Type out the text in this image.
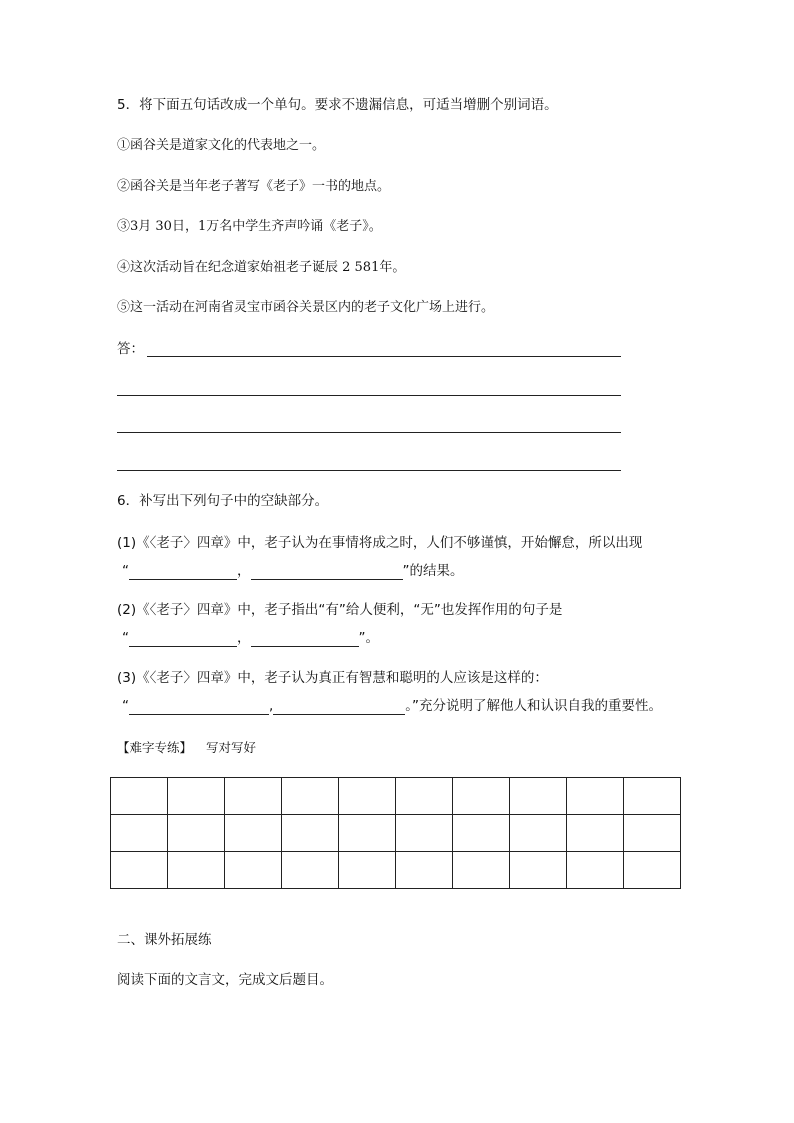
5．将下面五句话改成一个单句。要求不遗漏信息，可适当增删个别词语。
①函谷关是道家文化的代表地之一。
②函谷关是当年老子著写《老子》一书的地点。
③3月 30日，1万名中学生齐声吟诵《老子》。
④这次活动旨在纪念道家始祖老子诞辰 2 581年。
⑤这一活动在河南省灵宝市函谷关景区内的老子文化广场上进行。
答：
6．补写出下列句子中的空缺部分。
(1)《〈老子〉四章》中，老子认为在事情将成之时，人们不够谨慎，开始懈怠，所以出现
“	，	”的结果。
(2)《〈老子〉四章》中，老子指出“有”给人便利，“无”也发挥作用的句子是
“	，	”。
(3)《〈老子〉四章》中，老子认为真正有智慧和聪明的人应该是这样的：
“	,	。”充分说明了解他人和认识自我的重要性。
【难字专练】 写对写好

二、课外拓展练
阅读下面的文言文，完成文后题目。
